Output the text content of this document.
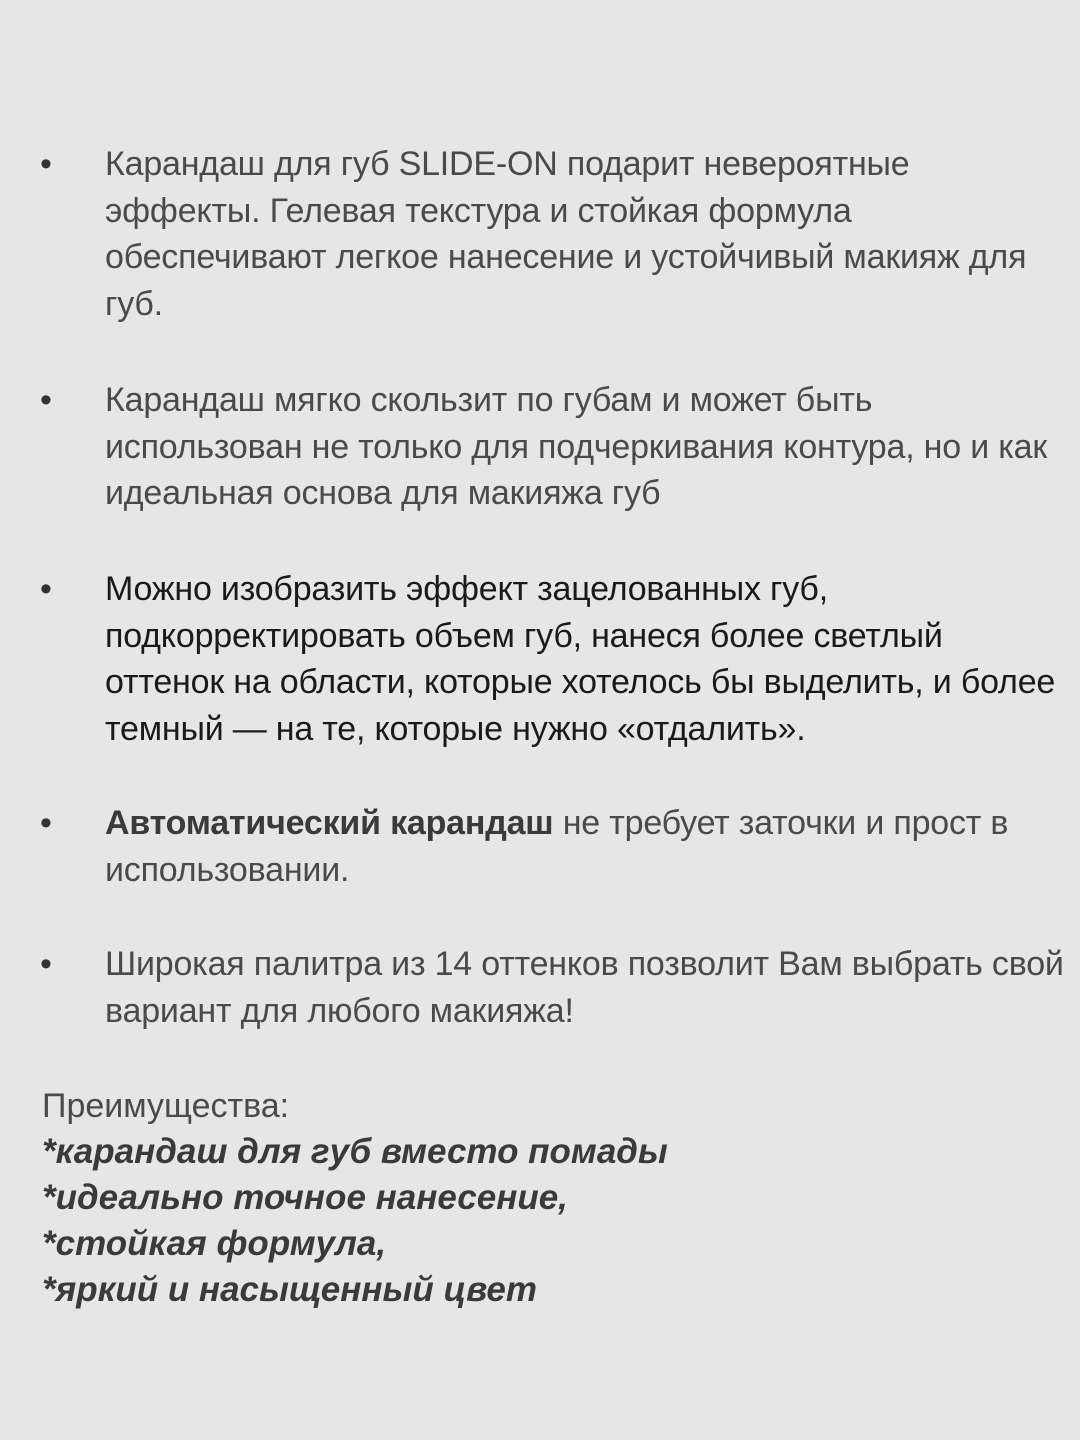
• Карандаш для губ SLIDE-ON подарит невероятные эффекты. Гелевая текстура и стойкая формула обеспечивают легкое нанесение и устойчивый макияж для губ.

• Карандаш мягко скользит по губам и может быть использован не только для подчеркивания контура, но и как идеальная основа для макияжа губ

• Можно изобразить эффект зацелованных губ, подкорректировать объем губ, нанеся более светлый оттенок на области, которые хотелось бы выделить, и более темный — на те, которые нужно «отдалить».

• Автоматический карандаш не требует заточки и прост в использовании.

• Широкая палитра из 14 оттенков позволит Вам выбрать свой вариант для любого макияжа!

Преимущества:

*карандаш для губ вместо помады

*идеально точное нанесение,

*стойкая формула,

*яркий и насыщенный цвет
